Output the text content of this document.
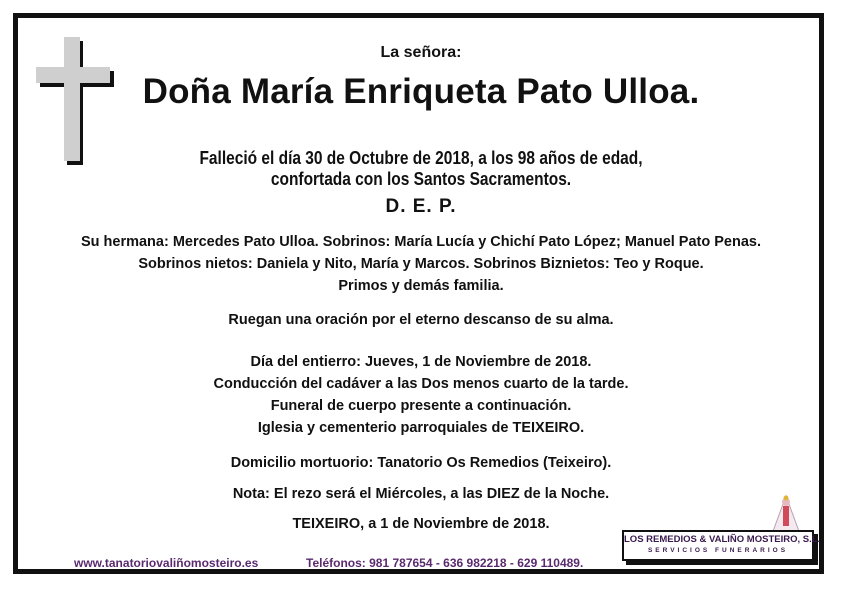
La señora:
Doña María Enriqueta Pato Ulloa.
Falleció el día 30 de Octubre de 2018, a los 98 años de edad,
confortada con los Santos Sacramentos.
D. E. P.
Su hermana: Mercedes Pato Ulloa. Sobrinos: María Lucía y Chichí Pato López; Manuel Pato Penas.
Sobrinos nietos: Daniela y Nito, María y Marcos. Sobrinos Biznietos: Teo y Roque.
Primos y demás familia.
Ruegan una oración por el eterno descanso de su alma.
Día del entierro: Jueves, 1 de Noviembre de 2018.
Conducción del cadáver a las Dos menos cuarto de la tarde.
Funeral de cuerpo presente a continuación.
Iglesia y cementerio parroquiales de TEIXEIRO.
Domicilio mortuorio: Tanatorio Os Remedios (Teixeiro).
Nota: El rezo será el Miércoles, a las DIEZ de la Noche.
TEIXEIRO, a 1 de Noviembre de 2018.
www.tanatoriovaliñomosteiro.es	Teléfonos: 981 787654 - 636 982218 - 629 110489.
LOS REMEDIOS & VALIÑO MOSTEIRO, S.L.
SERVICIOS FUNERARIOS
